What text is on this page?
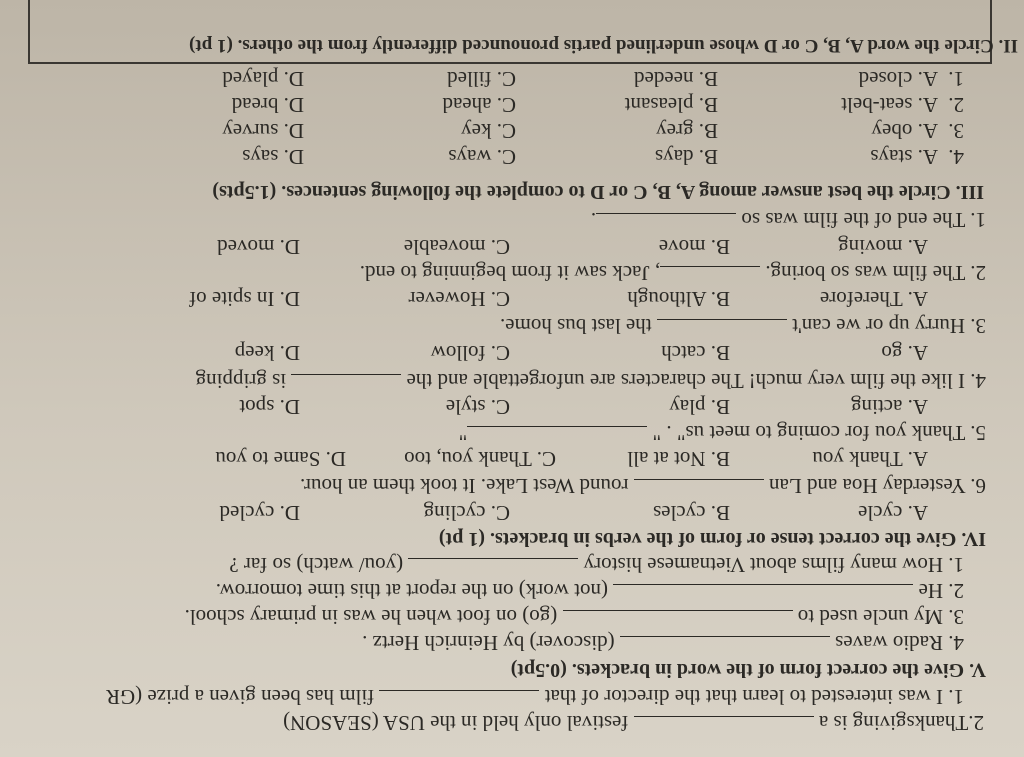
II. Circle the word A, B, C or D whose underlined partis pronounced differently from the others. (1 pt)
1.
A. closed
B. needed
C. filled
D. played
2.
A. seat-belt
B. pleasant
C. ahead
D. bread
3.
A. obey
B. grey
C. key
D. survey
4.
A. stays
B. days
C. ways
D. says
III. Circle the best answer among A, B, C or D to complete the following sentences. (1.5pts)
1. The end of the film was so .
A. moving
B. move
C. moveable
D. moved
2. The film was so boring. , Jack saw it from beginning to end.
A. Therefore
B. Although
C. However
D. In spite of
3. Hurry up or we can't  the last bus home.
A. go
B. catch
C. follow
D. keep
4. I like the film very much! The characters are unforgettable and the  is gripping
A. acting
B. play
C. style
D. spot
5. Thank you for coming to meet us" . " "
A. Thank you
B. Not at all
C. Thank you, too
D. Same to you
6. Yesterday Hoa and Lan  round West Lake. It took them an hour.
A. cycle
B. cycles
C. cycling
D. cycled
IV. Give the correct tense or form of the verbs in brackets. (1 pt)
1. How many films about Vietnamese history  (you/ watch) so far ?
2. He  (not work) on the report at this time tomorrow.
3. My uncle used to  (go) on foot when he was in primary school.
4. Radio waves  (discover) by Heinrich Hertz .
V. Give the correct form of the word in brackets. (0.5pt)
1. I was interested to learn that the director of that  film has been given a prize (GR
2.Thanksgiving is a  festival only held in the USA (SEASON)
